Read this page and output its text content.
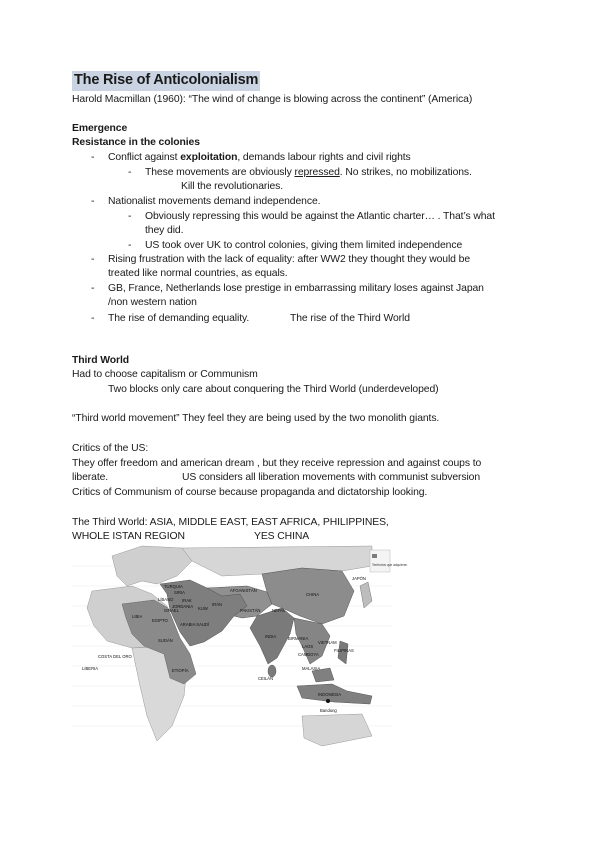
The Rise of Anticolonialism
Harold Macmillan (1960): “The wind of change is blowing across the continent” (America)
Emergence
Resistance in the colonies
- Conflict against exploitation, demands labour rights and civil rights
- These movements are obviously repressed. No strikes, no mobilizations.
Kill the revolutionaries.
- Nationalist movements demand independence.
- Obviously repressing this would be against the Atlantic charter… . That’s what
they did.
- US took over UK to control colonies, giving them limited independence
- Rising frustration with the lack of equality: after WW2 they thought they would be
treated like normal countries, as equals.
- GB, France, Netherlands lose prestige in embarrassing military loses against Japan
/non western nation
- The rise of demanding equality.	The rise of the Third World
Third World
Had to choose capitalism or Communism
Two blocks only care about conquering the Third World (underdeveloped)
“Third world movement” They feel they are being used by the two monolith giants.
Critics of the US:
They offer freedom and american dream , but they receive repression and against coups to
liberate.	US considers all liberation movements with communist subversion
Critics of Communism of course because propaganda and dictatorship looking.
The Third World: ASIA, MIDDLE EAST, EAST AFRICA, PHILIPPINES,
WHOLE ISTAN REGION	YES CHINA
Territorios que adquieren
TURQUIA
SIRIA
LÍBANO IRAK
JORDANIA
ISRAEL	KUW
IRÁN
AFGANISTÁN
PAKISTÁN	NEPAL
CHINA
LIBIA
EGIPTO
ARABIA SAUDÍ
SUDÁN
ETIOPÍA
INDIA	BIRMANIA
LAOS
VIETNAM
CAMBOYA
CEILÁN
INDONESIA
FILIPINAS
JAPÓN
MALASIA
COSTA DEL ORO
LIBERIA
Bandung
